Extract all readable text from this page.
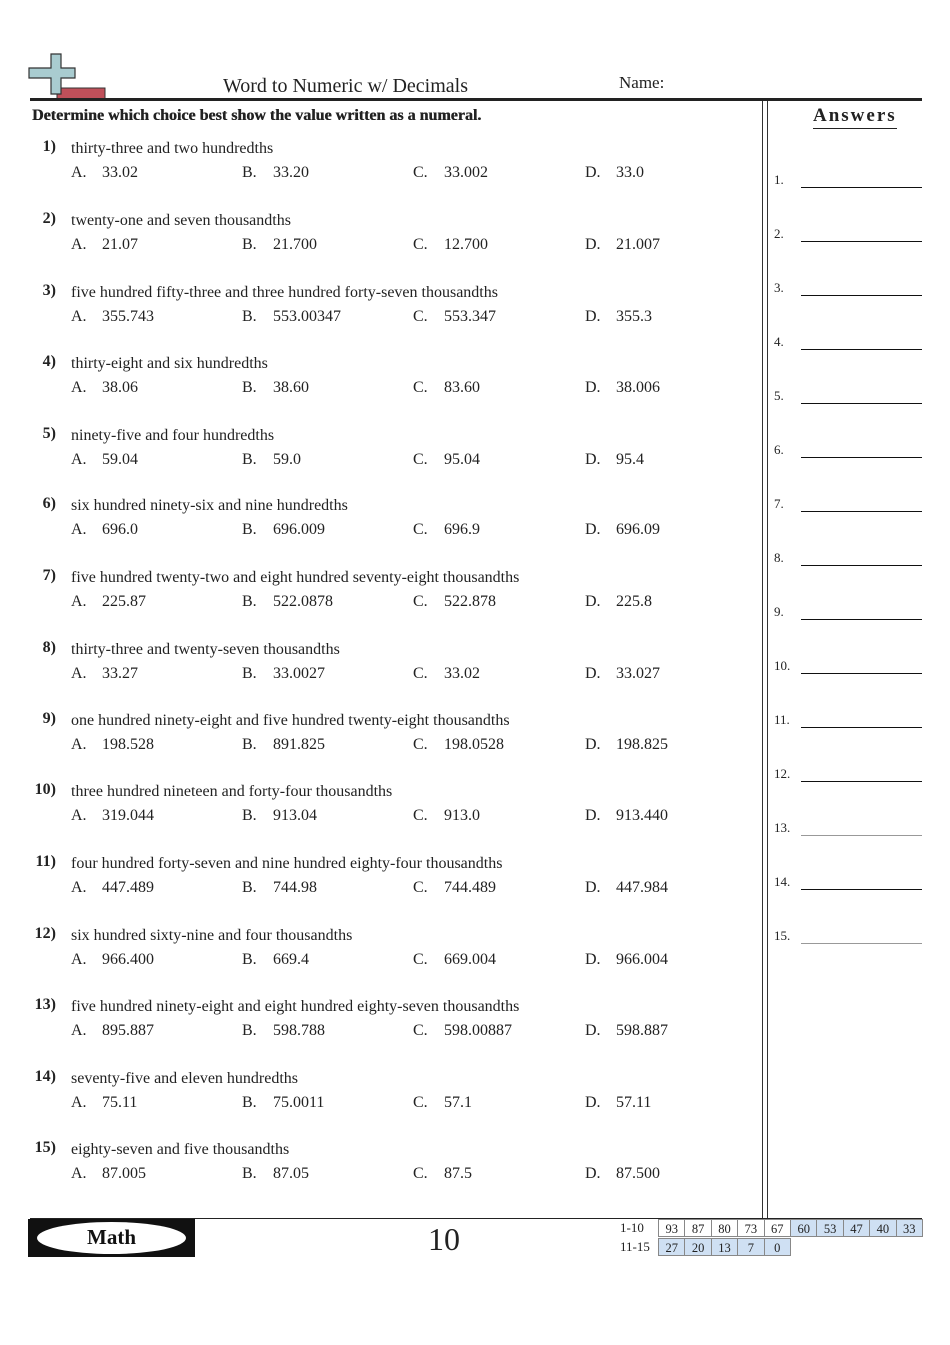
Word to Numeric w/ Decimals	Name:
Determine which choice best show the value written as a numeral.
1) thirty-three and two hundredths
A. 33.02	B. 33.20	C. 33.002	D. 33.0
2) twenty-one and seven thousandths
A. 21.07	B. 21.700	C. 12.700	D. 21.007
3) five hundred fifty-three and three hundred forty-seven thousandths
A. 355.743	B. 553.00347	C. 553.347	D. 355.3
4) thirty-eight and six hundredths
A. 38.06	B. 38.60	C. 83.60	D. 38.006
5) ninety-five and four hundredths
A. 59.04	B. 59.0	C. 95.04	D. 95.4
6) six hundred ninety-six and nine hundredths
A. 696.0	B. 696.009	C. 696.9	D. 696.09
7) five hundred twenty-two and eight hundred seventy-eight thousandths
A. 225.87	B. 522.0878	C. 522.878	D. 225.8
8) thirty-three and twenty-seven thousandths
A. 33.27	B. 33.0027	C. 33.02	D. 33.027
9) one hundred ninety-eight and five hundred twenty-eight thousandths
A. 198.528	B. 891.825	C. 198.0528	D. 198.825
10) three hundred nineteen and forty-four thousandths
A. 319.044	B. 913.04	C. 913.0	D. 913.440
11) four hundred forty-seven and nine hundred eighty-four thousandths
A. 447.489	B. 744.98	C. 744.489	D. 447.984
12) six hundred sixty-nine and four thousandths
A. 966.400	B. 669.4	C. 669.004	D. 966.004
13) five hundred ninety-eight and eight hundred eighty-seven thousandths
A. 895.887	B. 598.788	C. 598.00887	D. 598.887
14) seventy-five and eleven hundredths
A. 75.11	B. 75.0011	C. 57.1	D. 57.11
15) eighty-seven and five thousandths
A. 87.005	B. 87.05	C. 87.5	D. 87.500
Answers
1.
2.
3.
4.
5.
6.
7.
8.
9.
10.
11.
12.
13.
14.
15.
Math	10	1-10	93	87	80	73	67	60	53	47	40	33
11-15	27	20	13	7	0
